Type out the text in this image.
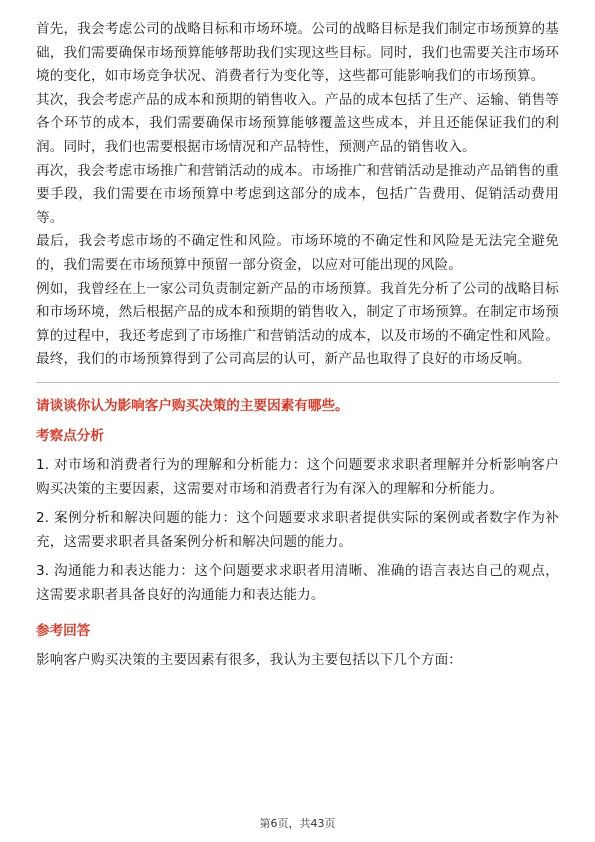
首先，我会考虑公司的战略目标和市场环境。公司的战略目标是我们制定市场预算的基础，我们需要确保市场预算能够帮助我们实现这些目标。同时，我们也需要关注市场环境的变化，如市场竞争状况、消费者行为变化等，这些都可能影响我们的市场预算。

其次，我会考虑产品的成本和预期的销售收入。产品的成本包括了生产、运输、销售等各个环节的成本，我们需要确保市场预算能够覆盖这些成本，并且还能保证我们的利润。同时，我们也需要根据市场情况和产品特性，预测产品的销售收入。

再次，我会考虑市场推广和营销活动的成本。市场推广和营销活动是推动产品销售的重要手段，我们需要在市场预算中考虑到这部分的成本，包括广告费用、促销活动费用等。

最后，我会考虑市场的不确定性和风险。市场环境的不确定性和风险是无法完全避免的，我们需要在市场预算中预留一部分资金，以应对可能出现的风险。

例如，我曾经在上一家公司负责制定新产品的市场预算。我首先分析了公司的战略目标和市场环境，然后根据产品的成本和预期的销售收入，制定了市场预算。在制定市场预算的过程中，我还考虑到了市场推广和营销活动的成本，以及市场的不确定性和风险。最终，我们的市场预算得到了公司高层的认可，新产品也取得了良好的市场反响。

请谈谈你认为影响客户购买决策的主要因素有哪些。

考察点分析

1. 对市场和消费者行为的理解和分析能力：这个问题要求求职者理解并分析影响客户购买决策的主要因素，这需要对市场和消费者行为有深入的理解和分析能力。

2. 案例分析和解决问题的能力：这个问题要求求职者提供实际的案例或者数字作为补充，这需要求职者具备案例分析和解决问题的能力。

3. 沟通能力和表达能力：这个问题要求求职者用清晰、准确的语言表达自己的观点，这需要求职者具备良好的沟通能力和表达能力。

参考回答

影响客户购买决策的主要因素有很多，我认为主要包括以下几个方面：

第6页，共43页
